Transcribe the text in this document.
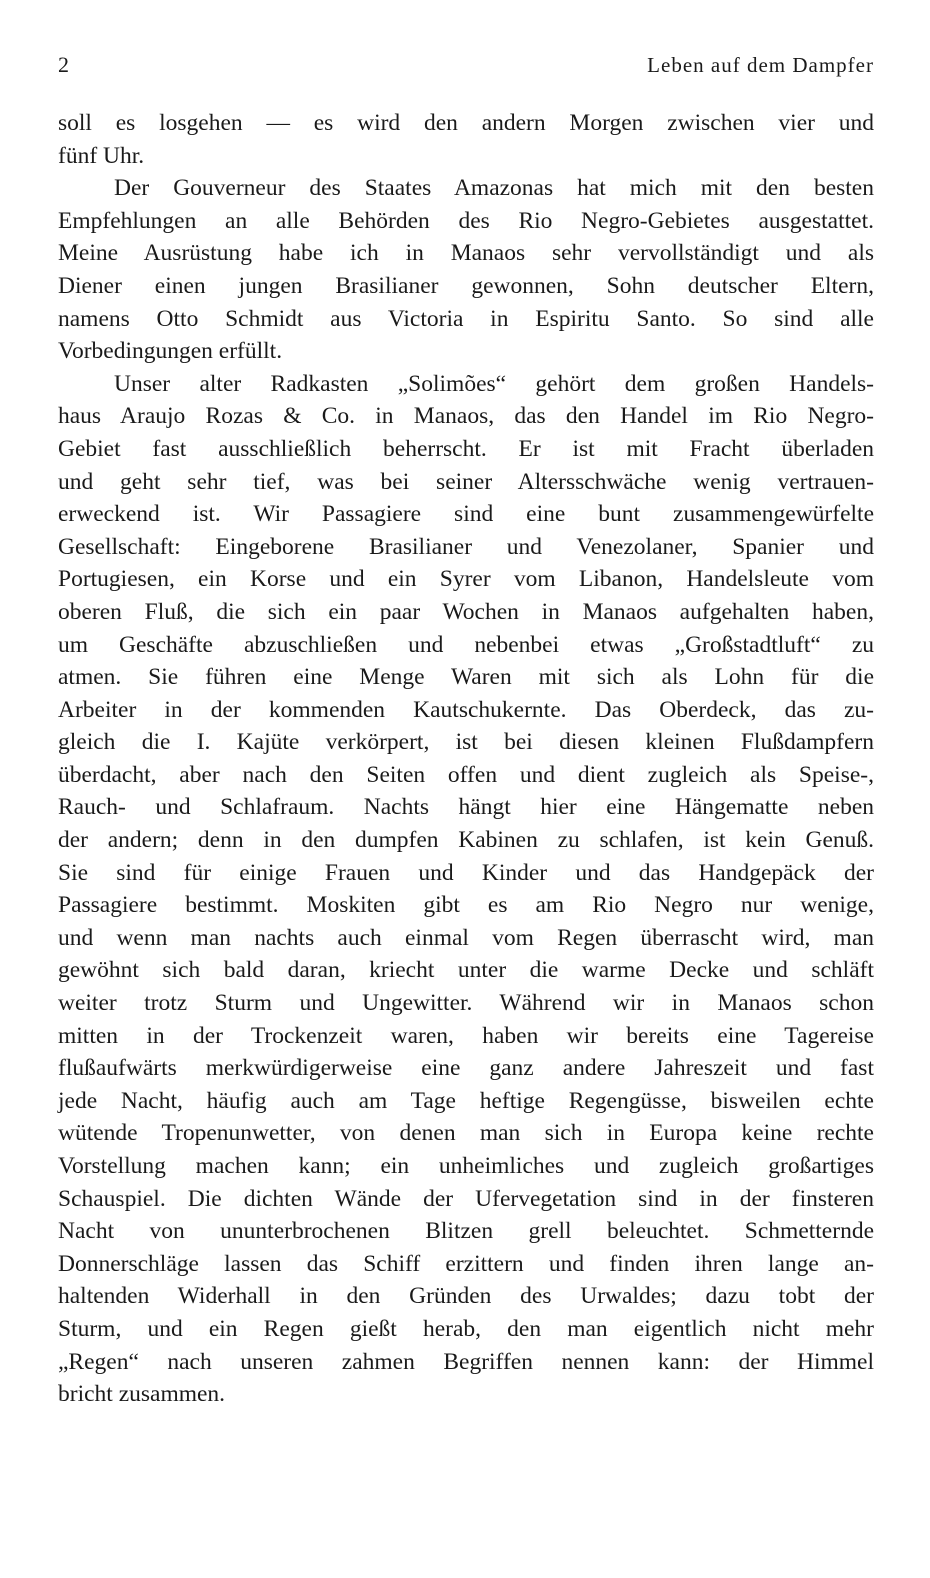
2	Leben auf dem Dampfer
soll es losgehen — es wird den andern Morgen zwischen vier und
fünf Uhr.
Der Gouverneur des Staates Amazonas hat mich mit den besten
Empfehlungen an alle Behörden des Rio Negro-Gebietes ausgestattet.
Meine Ausrüstung habe ich in Manaos sehr vervollständigt und als
Diener einen jungen Brasilianer gewonnen, Sohn deutscher Eltern,
namens Otto Schmidt aus Victoria in Espiritu Santo. So sind alle
Vorbedingungen erfüllt.
Unser alter Radkasten „Solimões“ gehört dem großen Handels-
haus Araujo Rozas & Co. in Manaos, das den Handel im Rio Negro-
Gebiet fast ausschließlich beherrscht. Er ist mit Fracht überladen
und geht sehr tief, was bei seiner Altersschwäche wenig vertrauen-
erweckend ist. Wir Passagiere sind eine bunt zusammengewürfelte
Gesellschaft: Eingeborene Brasilianer und Venezolaner, Spanier und
Portugiesen, ein Korse und ein Syrer vom Libanon, Handelsleute vom
oberen Fluß, die sich ein paar Wochen in Manaos aufgehalten haben,
um Geschäfte abzuschließen und nebenbei etwas „Großstadtluft“ zu
atmen. Sie führen eine Menge Waren mit sich als Lohn für die
Arbeiter in der kommenden Kautschukernte. Das Oberdeck, das zu-
gleich die I. Kajüte verkörpert, ist bei diesen kleinen Flußdampfern
überdacht, aber nach den Seiten offen und dient zugleich als Speise-,
Rauch- und Schlafraum. Nachts hängt hier eine Hängematte neben
der andern; denn in den dumpfen Kabinen zu schlafen, ist kein Genuß.
Sie sind für einige Frauen und Kinder und das Handgepäck der
Passagiere bestimmt. Moskiten gibt es am Rio Negro nur wenige,
und wenn man nachts auch einmal vom Regen überrascht wird, man
gewöhnt sich bald daran, kriecht unter die warme Decke und schläft
weiter trotz Sturm und Ungewitter. Während wir in Manaos schon
mitten in der Trockenzeit waren, haben wir bereits eine Tagereise
flußaufwärts merkwürdigerweise eine ganz andere Jahreszeit und fast
jede Nacht, häufig auch am Tage heftige Regengüsse, bisweilen echte
wütende Tropenunwetter, von denen man sich in Europa keine rechte
Vorstellung machen kann; ein unheimliches und zugleich großartiges
Schauspiel. Die dichten Wände der Ufervegetation sind in der finsteren
Nacht von ununterbrochenen Blitzen grell beleuchtet. Schmetternde
Donnerschläge lassen das Schiff erzittern und finden ihren lange an-
haltenden Widerhall in den Gründen des Urwaldes; dazu tobt der
Sturm, und ein Regen gießt herab, den man eigentlich nicht mehr
„Regen“ nach unseren zahmen Begriffen nennen kann: der Himmel
bricht zusammen.
